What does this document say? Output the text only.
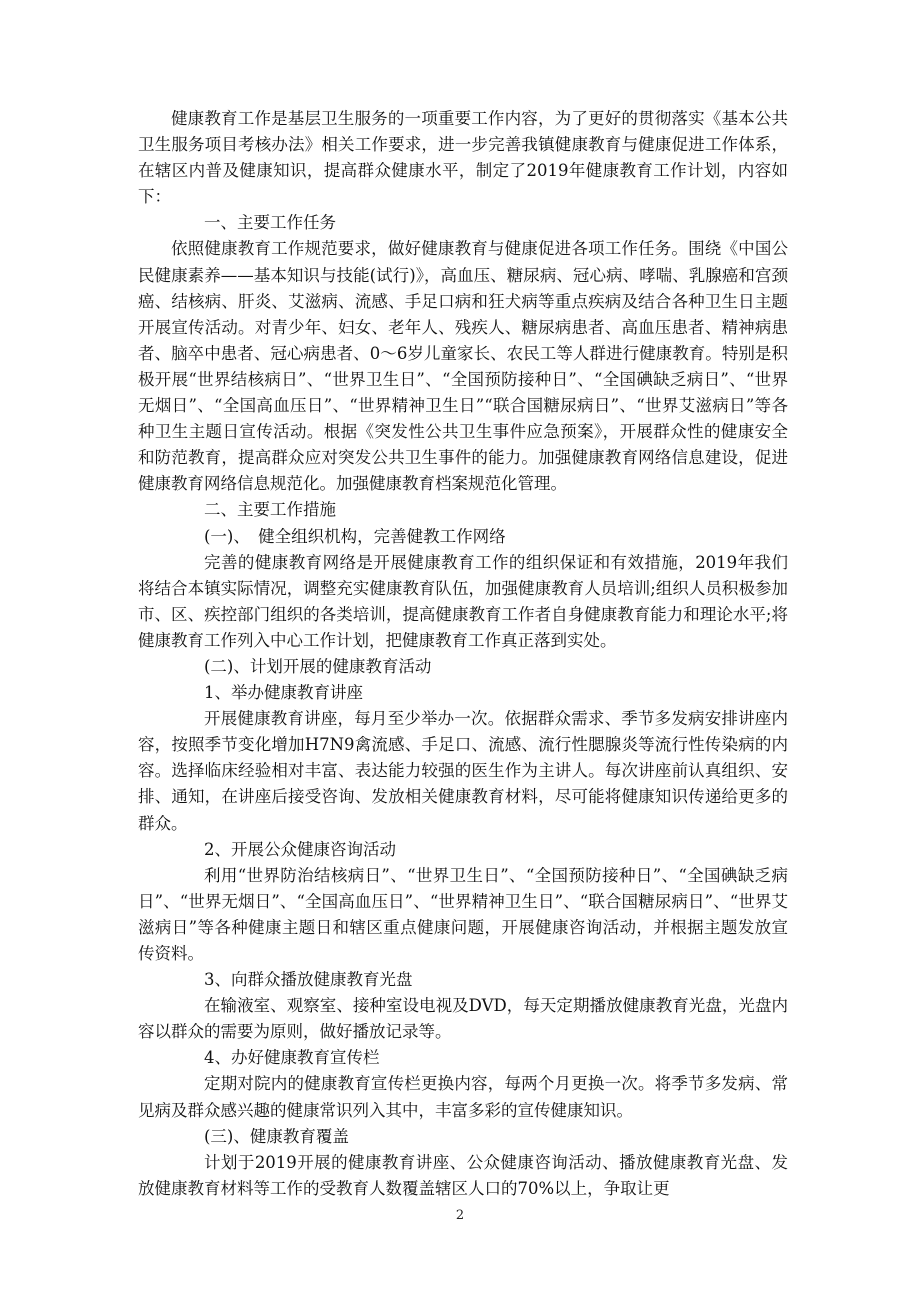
健康教育工作是基层卫生服务的一项重要工作内容，为了更好的贯彻落实《基本公共卫生服务项目考核办法》相关工作要求，进一步完善我镇健康教育与健康促进工作体系，在辖区内普及健康知识，提高群众健康水平，制定了2019年健康教育工作计划，内容如下：

一、主要工作任务

依照健康教育工作规范要求，做好健康教育与健康促进各项工作任务。围绕《中国公民健康素养——基本知识与技能(试行)》，高血压、糖尿病、冠心病、哮喘、乳腺癌和宫颈癌、结核病、肝炎、艾滋病、流感、手足口病和狂犬病等重点疾病及结合各种卫生日主题开展宣传活动。对青少年、妇女、老年人、残疾人、糖尿病患者、高血压患者、精神病患者、脑卒中患者、冠心病患者、0～6岁儿童家长、农民工等人群进行健康教育。特别是积极开展“世界结核病日”、“世界卫生日”、“全国预防接种日”、“全国碘缺乏病日”、“世界无烟日”、“全国高血压日”、“世界精神卫生日”“联合国糖尿病日”、“世界艾滋病日”等各种卫生主题日宣传活动。根据《突发性公共卫生事件应急预案》，开展群众性的健康安全和防范教育，提高群众应对突发公共卫生事件的能力。加强健康教育网络信息建设，促进健康教育网络信息规范化。加强健康教育档案规范化管理。

二、主要工作措施

(一)、　健全组织机构，完善健教工作网络

完善的健康教育网络是开展健康教育工作的组织保证和有效措施，2019年我们将结合本镇实际情况，调整充实健康教育队伍，加强健康教育人员培训;组织人员积极参加市、区、疾控部门组织的各类培训，提高健康教育工作者自身健康教育能力和理论水平;将健康教育工作列入中心工作计划，把健康教育工作真正落到实处。

(二)、计划开展的健康教育活动

1、举办健康教育讲座

开展健康教育讲座，每月至少举办一次。依据群众需求、季节多发病安排讲座内容，按照季节变化增加H7N9禽流感、手足口、流感、流行性腮腺炎等流行性传染病的内容。选择临床经验相对丰富、表达能力较强的医生作为主讲人。每次讲座前认真组织、安排、通知，在讲座后接受咨询、发放相关健康教育材料，尽可能将健康知识传递给更多的群众。

2、开展公众健康咨询活动

利用“世界防治结核病日”、“世界卫生日”、“全国预防接种日”、“全国碘缺乏病日”、“世界无烟日”、“全国高血压日”、“世界精神卫生日”、“联合国糖尿病日”、“世界艾滋病日”等各种健康主题日和辖区重点健康问题，开展健康咨询活动，并根据主题发放宣传资料。

3、向群众播放健康教育光盘

在输液室、观察室、接种室设电视及DVD，每天定期播放健康教育光盘，光盘内容以群众的需要为原则，做好播放记录等。

4、办好健康教育宣传栏

定期对院内的健康教育宣传栏更换内容，每两个月更换一次。将季节多发病、常见病及群众感兴趣的健康常识列入其中，丰富多彩的宣传健康知识。

(三)、健康教育覆盖

计划于2019开展的健康教育讲座、公众健康咨询活动、播放健康教育光盘、发放健康教育材料等工作的受教育人数覆盖辖区人口的70%以上，争取让更

2
